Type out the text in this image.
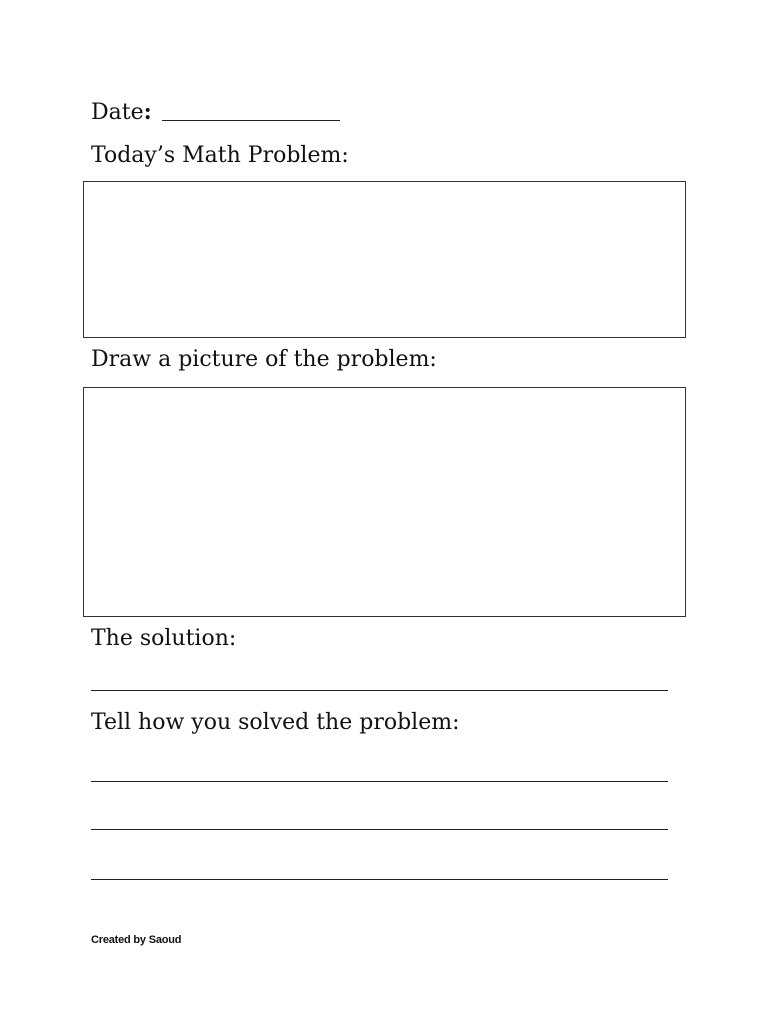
Date:
Today’s Math Problem:
Draw a picture of the problem:
The solution:
Tell how you solved the problem:
Created by Saoud
